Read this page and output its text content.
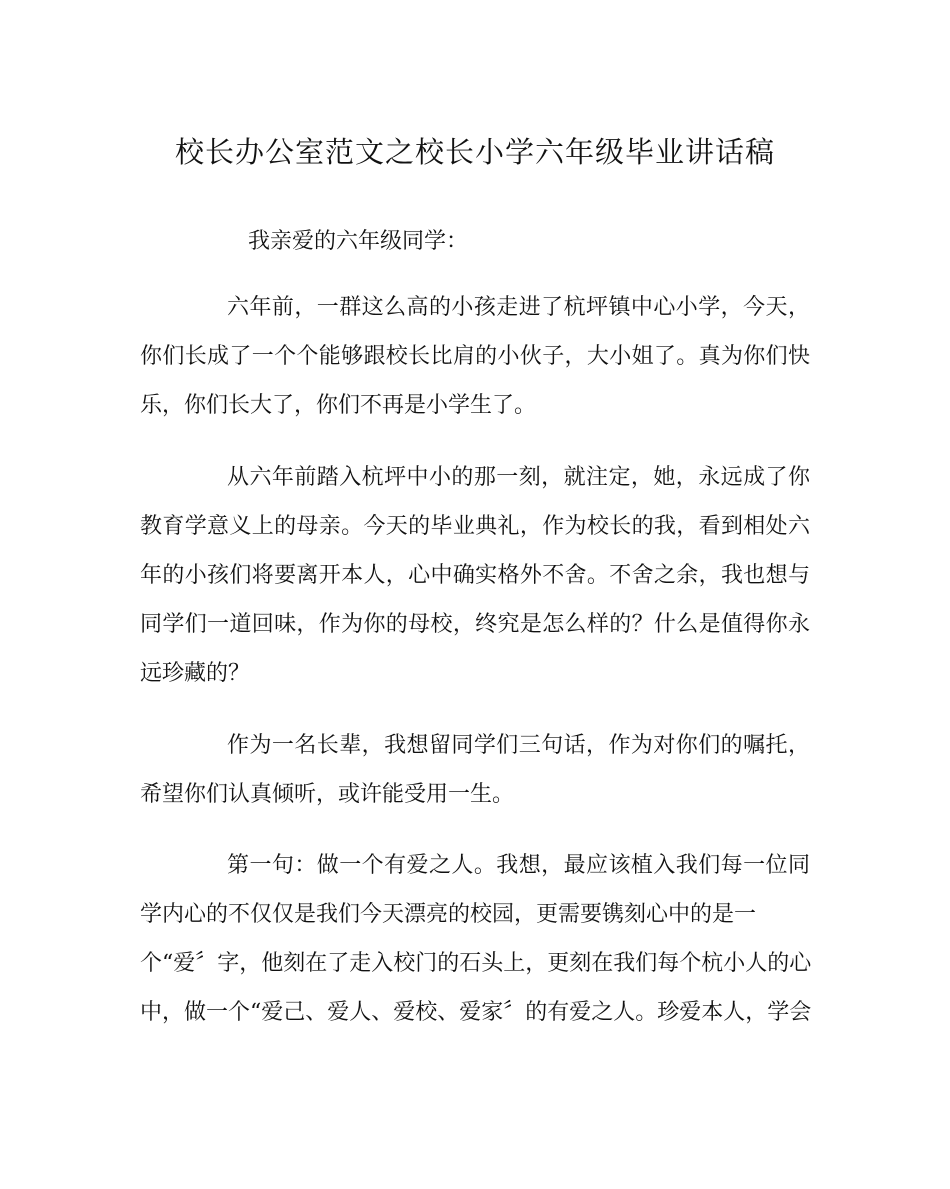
校长办公室范文之校长小学六年级毕业讲话稿

我亲爱的六年级同学：

六年前，一群这么高的小孩走进了杭坪镇中心小学，今天，

你们长成了一个个能够跟校长比肩的小伙子，大小姐了。真为你们快

乐，你们长大了，你们不再是小学生了。

从六年前踏入杭坪中小的那一刻，就注定，她，永远成了你

教育学意义上的母亲。今天的毕业典礼，作为校长的我，看到相处六

年的小孩们将要离开本人，心中确实格外不舍。不舍之余，我也想与

同学们一道回味，作为你的母校，终究是怎么样的？什么是值得你永

远珍藏的？

作为一名长辈，我想留同学们三句话，作为对你们的嘱托，

希望你们认真倾听，或许能受用一生。

第一句：做一个有爱之人。我想，最应该植入我们每一位同

学内心的不仅仅是我们今天漂亮的校园，更需要镌刻心中的是一

个“爱〞字，他刻在了走入校门的石头上，更刻在我们每个杭小人的心

中，做一个“爱己、爱人、爱校、爱家〞的有爱之人。珍爱本人，学会
